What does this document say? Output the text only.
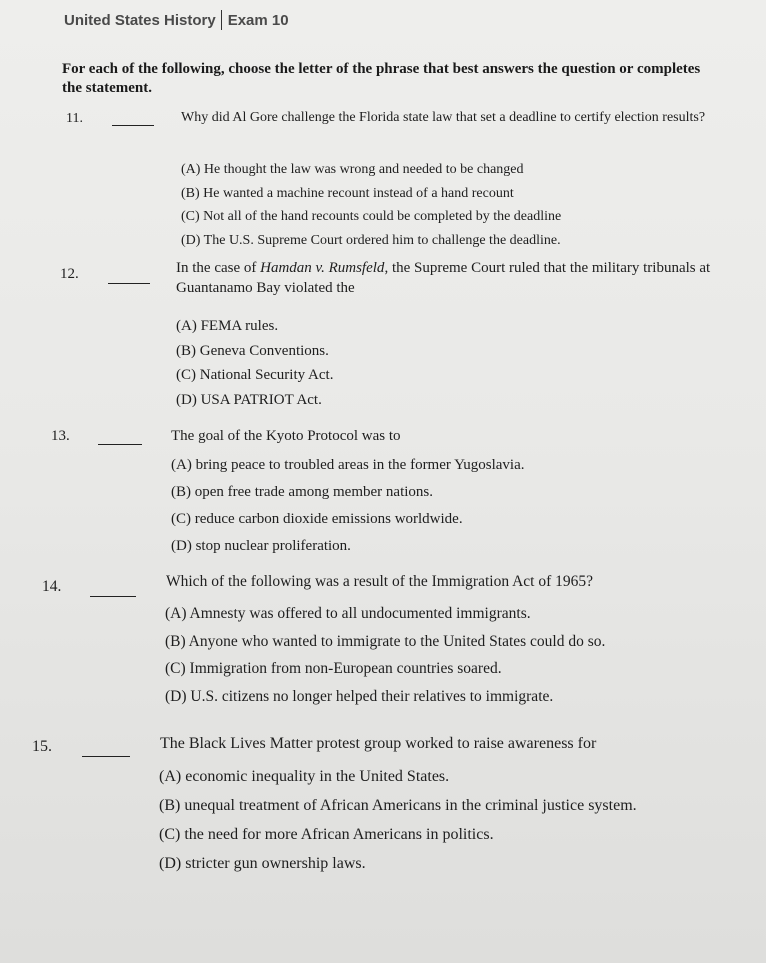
United States History Exam 10
For each of the following, choose the letter of the phrase that best answers the question or completes the statement.
11.	Why did Al Gore challenge the Florida state law that set a deadline to certify election results?
(A) He thought the law was wrong and needed to be changed
(B) He wanted a machine recount instead of a hand recount
(C) Not all of the hand recounts could be completed by the deadline
(D) The U.S. Supreme Court ordered him to challenge the deadline.
12.	In the case of Hamdan v. Rumsfeld, the Supreme Court ruled that the military tribunals at Guantanamo Bay violated the
(A) FEMA rules.
(B) Geneva Conventions.
(C) National Security Act.
(D) USA PATRIOT Act.
13.	The goal of the Kyoto Protocol was to
(A) bring peace to troubled areas in the former Yugoslavia.
(B) open free trade among member nations.
(C) reduce carbon dioxide emissions worldwide.
(D) stop nuclear proliferation.
14.	Which of the following was a result of the Immigration Act of 1965?
(A) Amnesty was offered to all undocumented immigrants.
(B) Anyone who wanted to immigrate to the United States could do so.
(C) Immigration from non-European countries soared.
(D) U.S. citizens no longer helped their relatives to immigrate.
15.	The Black Lives Matter protest group worked to raise awareness for
(A) economic inequality in the United States.
(B) unequal treatment of African Americans in the criminal justice system.
(C) the need for more African Americans in politics.
(D) stricter gun ownership laws.
